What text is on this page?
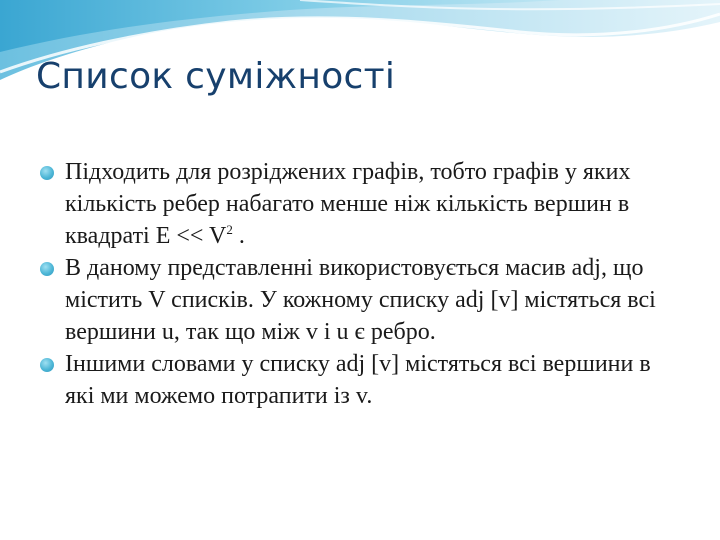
Список суміжності
Підходить для розріджених графів, тобто графів у яких кількість ребер набагато менше ніж кількість вершин в квадраті $E << V^2$ .
В даному представленні використовується масив adj, що містить V списків. У кожному списку adj [v] містяться всі вершини u, так що між v і u є ребро.
Іншими словами у списку adj [v] містяться всі вершини в які ми можемо потрапити із v.
